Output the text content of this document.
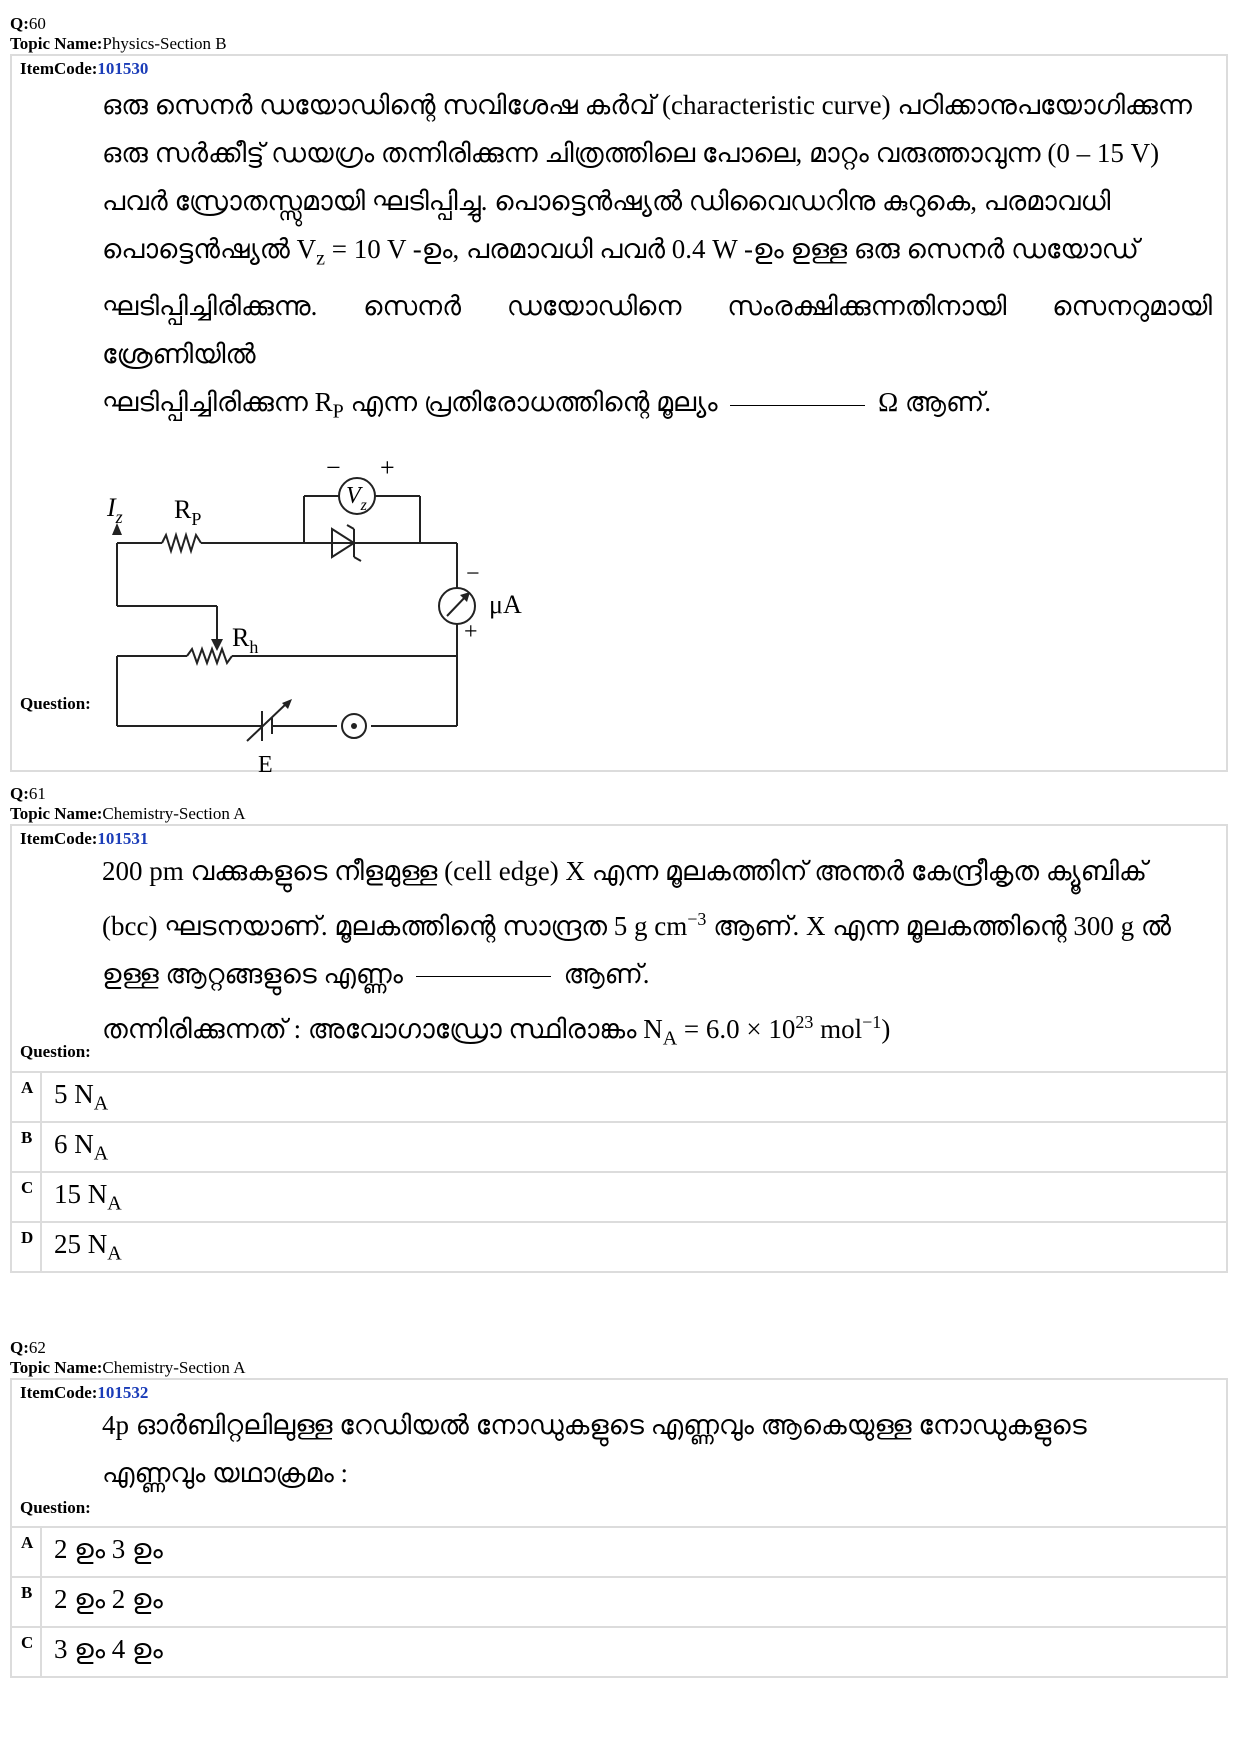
Q:60
Topic Name:Physics-Section B
ItemCode:101530
ഒരു സെനർ ഡയോഡിന്റെ സവിശേഷ കർവ് (characteristic curve) പഠിക്കാനുപയോഗിക്കുന്ന
ഒരു സർക്കീട്ട് ഡയഗ്രം തന്നിരിക്കുന്ന ചിത്രത്തിലെ പോലെ, മാറ്റം വരുത്താവുന്ന (0 – 15 V)
പവർ സ്രോതസ്സുമായി ഘടിപ്പിച്ചു. പൊട്ടെൻഷ്യൽ ഡിവൈഡറിനു കുറുകെ, പരമാവധി
പൊട്ടെൻഷ്യൽ $V_z = 10$ V -ഉം, പരമാവധി പവർ 0.4 W -ഉം ഉള്ള ഒരു സെനർ ഡയോഡ്
ഘടിപ്പിച്ചിരിക്കുന്നു. സെനർ ഡയോഡിനെ സംരക്ഷിക്കുന്നതിനായി സെനറുമായി ശ്രേണിയിൽ
ഘടിപ്പിച്ചിരിക്കുന്ന $R_P$ എന്ന പ്രതിരോധത്തിന്റെ മൂല്യം	Ω ആണ്.
$I_z$ $R_P$
$V_z$
− +
−
+
μA
$R_h$
E
Question:
Q:61
Topic Name:Chemistry-Section A
ItemCode:101531
200 pm വക്കുകളുടെ നീളമുള്ള (cell edge) X എന്ന മൂലകത്തിന് അന്തർ കേന്ദ്രീകൃത ക്യൂബിക്
(bcc) ഘടനയാണ്. മൂലകത്തിന്റെ സാന്ദ്രത 5 g $cm^{-3}$ ആണ്. X എന്ന മൂലകത്തിന്റെ 300 g ൽ
ഉള്ള ആറ്റങ്ങളുടെ എണ്ണം	ആണ്.
തന്നിരിക്കുന്നത് : അവോഗാഡ്രോ സ്ഥിരാങ്കം $N_A = 6.0 \times 10^{23}$ mol$^{-1}$)
Question:
A 5 $N_A$
B 6 $N_A$
C 15 $N_A$
D 25 $N_A$
Q:62
Topic Name:Chemistry-Section A
ItemCode:101532
4p ഓർബിറ്റലിലുള്ള റേഡിയൽ നോഡുകളുടെ എണ്ണവും ആകെയുള്ള നോഡുകളുടെ
എണ്ണവും യഥാക്രമം :
Question:
A 2 ഉം 3 ഉം
B 2 ഉം 2 ഉം
C 3 ഉം 4 ഉം
